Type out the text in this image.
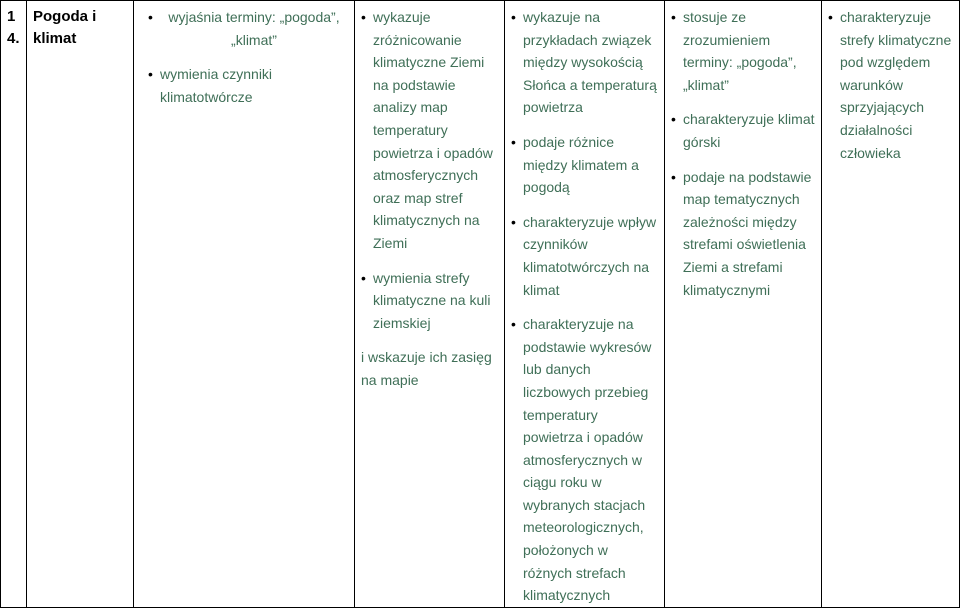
1
4.

Pogoda i klimat

• wyjaśnia terminy: „pogoda”, „klimat”
• wymienia czynniki klimatotwórcze

• wykazuje zróżnicowanie klimatyczne Ziemi na podstawie analizy map temperatury powietrza i opadów atmosferycznych oraz map stref klimatycznych na Ziemi
• wymienia strefy klimatyczne na kuli ziemskiej
i wskazuje ich zasięg na mapie

• wykazuje na przykładach związek między wysokością Słońca a temperaturą powietrza
• podaje różnice między klimatem a pogodą
• charakteryzuje wpływ czynników klimatotwórczych na klimat
• charakteryzuje na podstawie wykresów lub danych liczbowych przebieg temperatury powietrza i opadów atmosferycznych w ciągu roku w wybranych stacjach meteorologicznych, położonych w różnych strefach klimatycznych

• stosuje ze zrozumieniem terminy: „pogoda”, „klimat”
• charakteryzuje klimat górski
• podaje na podstawie map tematycznych zależności między strefami oświetlenia Ziemi a strefami klimatycznymi

• charakteryzuje strefy klimatyczne pod względem warunków sprzyjających działalności człowieka
